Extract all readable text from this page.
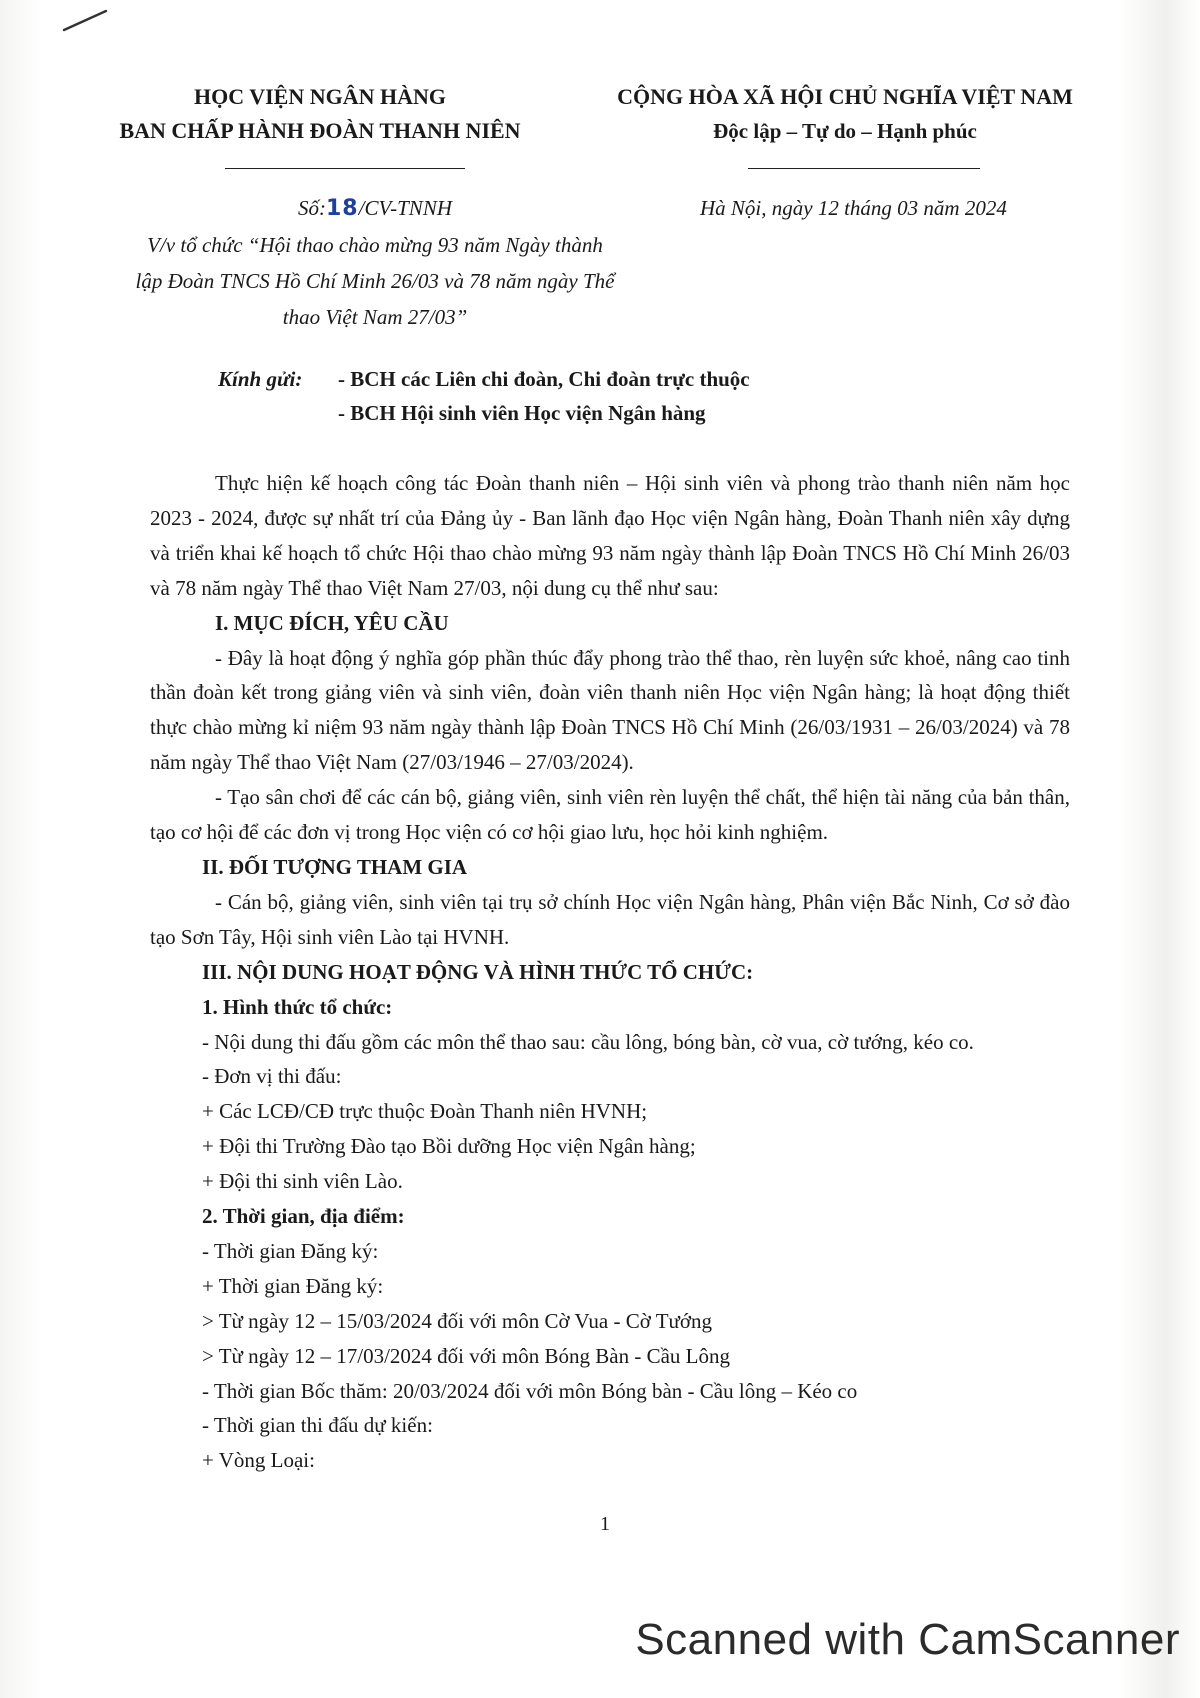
HỌC VIỆN NGÂN HÀNG
BAN CHẤP HÀNH ĐOÀN THANH NIÊN
CỘNG HÒA XÃ HỘI CHỦ NGHĨA VIỆT NAM
Độc lập – Tự do – Hạnh phúc
Số:18/CV-TNNH
V/v tổ chức “Hội thao chào mừng 93 năm Ngày thành
lập Đoàn TNCS Hồ Chí Minh 26/03 và 78 năm ngày Thể
thao Việt Nam 27/03”
Hà Nội, ngày 12 tháng 03 năm 2024
Kính gửi: - BCH các Liên chi đoàn, Chi đoàn trực thuộc
- BCH Hội sinh viên Học viện Ngân hàng

Thực hiện kế hoạch công tác Đoàn thanh niên – Hội sinh viên và phong trào thanh niên năm học 2023 - 2024, được sự nhất trí của Đảng ủy - Ban lãnh đạo Học viện Ngân hàng, Đoàn Thanh niên xây dựng và triển khai kế hoạch tổ chức Hội thao chào mừng 93 năm ngày thành lập Đoàn TNCS Hồ Chí Minh 26/03 và 78 năm ngày Thể thao Việt Nam 27/03, nội dung cụ thể như sau:

I. MỤC ĐÍCH, YÊU CẦU

- Đây là hoạt động ý nghĩa góp phần thúc đẩy phong trào thể thao, rèn luyện sức khoẻ, nâng cao tinh thần đoàn kết trong giảng viên và sinh viên, đoàn viên thanh niên Học viện Ngân hàng; là hoạt động thiết thực chào mừng kỉ niệm 93 năm ngày thành lập Đoàn TNCS Hồ Chí Minh (26/03/1931 – 26/03/2024) và 78 năm ngày Thể thao Việt Nam (27/03/1946 – 27/03/2024).

- Tạo sân chơi để các cán bộ, giảng viên, sinh viên rèn luyện thể chất, thể hiện tài năng của bản thân, tạo cơ hội để các đơn vị trong Học viện có cơ hội giao lưu, học hỏi kinh nghiệm.

II. ĐỐI TƯỢNG THAM GIA

- Cán bộ, giảng viên, sinh viên tại trụ sở chính Học viện Ngân hàng, Phân viện Bắc Ninh, Cơ sở đào tạo Sơn Tây, Hội sinh viên Lào tại HVNH.

III. NỘI DUNG HOẠT ĐỘNG VÀ HÌNH THỨC TỔ CHỨC:

1. Hình thức tổ chức:

- Nội dung thi đấu gồm các môn thể thao sau: cầu lông, bóng bàn, cờ vua, cờ tướng, kéo co.

- Đơn vị thi đấu:

+ Các LCĐ/CĐ trực thuộc Đoàn Thanh niên HVNH;

+ Đội thi Trường Đào tạo Bồi dưỡng Học viện Ngân hàng;

+ Đội thi sinh viên Lào.

2. Thời gian, địa điểm:

- Thời gian Đăng ký:

+ Thời gian Đăng ký:

> Từ ngày 12 – 15/03/2024 đối với môn Cờ Vua - Cờ Tướng

> Từ ngày 12 – 17/03/2024 đối với môn Bóng Bàn - Cầu Lông

- Thời gian Bốc thăm: 20/03/2024 đối với môn Bóng bàn - Cầu lông – Kéo co

- Thời gian thi đấu dự kiến:

+ Vòng Loại:

1
Scanned with CamScanner
